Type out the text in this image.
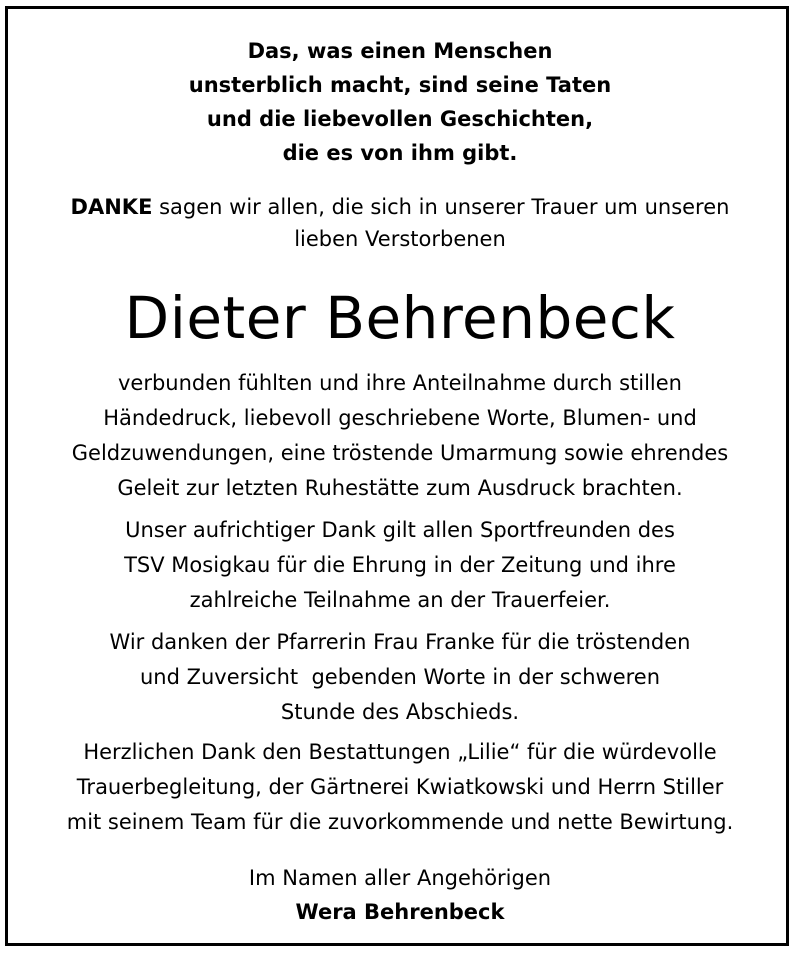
Das, was einen Menschen
unsterblich macht, sind seine Taten
und die liebevollen Geschichten,
die es von ihm gibt.
DANKE sagen wir allen, die sich in unserer Trauer um unseren
lieben Verstorbenen
Dieter Behrenbeck
verbunden fühlten und ihre Anteilnahme durch stillen
Händedruck, liebevoll geschriebene Worte, Blumen- und
Geldzuwendungen, eine tröstende Umarmung sowie ehrendes
Geleit zur letzten Ruhestätte zum Ausdruck brachten.
Unser aufrichtiger Dank gilt allen Sportfreunden des
TSV Mosigkau für die Ehrung in der Zeitung und ihre
zahlreiche Teilnahme an der Trauerfeier.
Wir danken der Pfarrerin Frau Franke für die tröstenden
und Zuversicht  gebenden Worte in der schweren
Stunde des Abschieds.
Herzlichen Dank den Bestattungen „Lilie“ für die würdevolle
Trauerbegleitung, der Gärtnerei Kwiatkowski und Herrn Stiller
mit seinem Team für die zuvorkommende und nette Bewirtung.
Im Namen aller Angehörigen
Wera Behrenbeck
